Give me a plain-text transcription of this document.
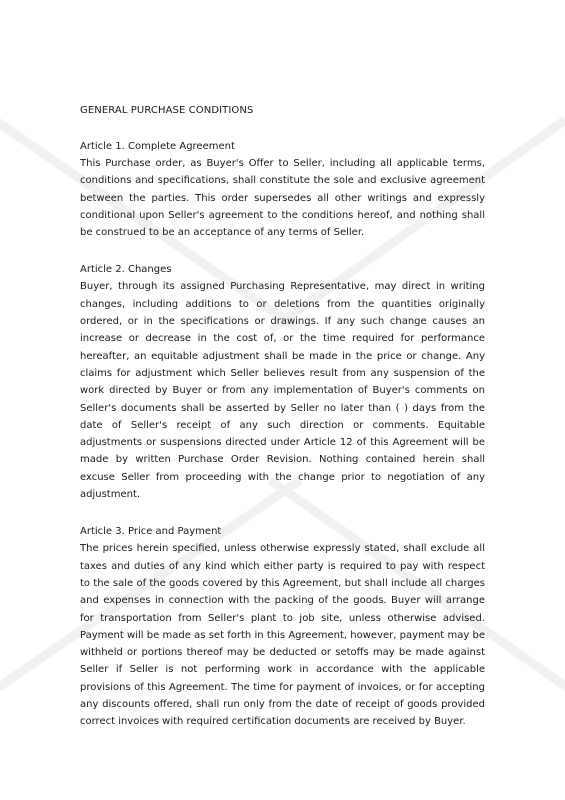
GENERAL PURCHASE CONDITIONS
Article 1. Complete Agreement

This Purchase order, as Buyer's Offer to Seller, including all applicable terms, conditions and specifications, shall constitute the sole and exclusive agreement between the parties. This order supersedes all other writings and expressly conditional upon Seller's agreement to the conditions hereof, and nothing shall be construed to be an acceptance of any terms of Seller.

Article 2. Changes

Buyer, through its assigned Purchasing Representative, may direct in writing changes, including additions to or deletions from the quantities originally ordered, or in the specifications or drawings. If any such change causes an increase or decrease in the cost of, or the time required for performance hereafter, an equitable adjustment shall be made in the price or change. Any claims for adjustment which Seller believes result from any suspension of the work directed by Buyer or from any implementation of Buyer's comments on Seller's documents shall be asserted by Seller no later than ( ) days from the date of Seller's receipt of any such direction or comments. Equitable adjustments or suspensions directed under Article 12 of this Agreement will be made by written Purchase Order Revision. Nothing contained herein shall excuse Seller from proceeding with the change prior to negotiation of any adjustment.

Article 3. Price and Payment

The prices herein specified, unless otherwise expressly stated, shall exclude all taxes and duties of any kind which either party is required to pay with respect to the sale of the goods covered by this Agreement, but shall include all charges and expenses in connection with the packing of the goods. Buyer will arrange for transportation from Seller's plant to job site, unless otherwise advised. Payment will be made as set forth in this Agreement, however, payment may be withheld or portions thereof may be deducted or setoffs may be made against Seller if Seller is not performing work in accordance with the applicable provisions of this Agreement. The time for payment of invoices, or for accepting any discounts offered, shall run only from the date of receipt of goods provided correct invoices with required certification documents are received by Buyer.
